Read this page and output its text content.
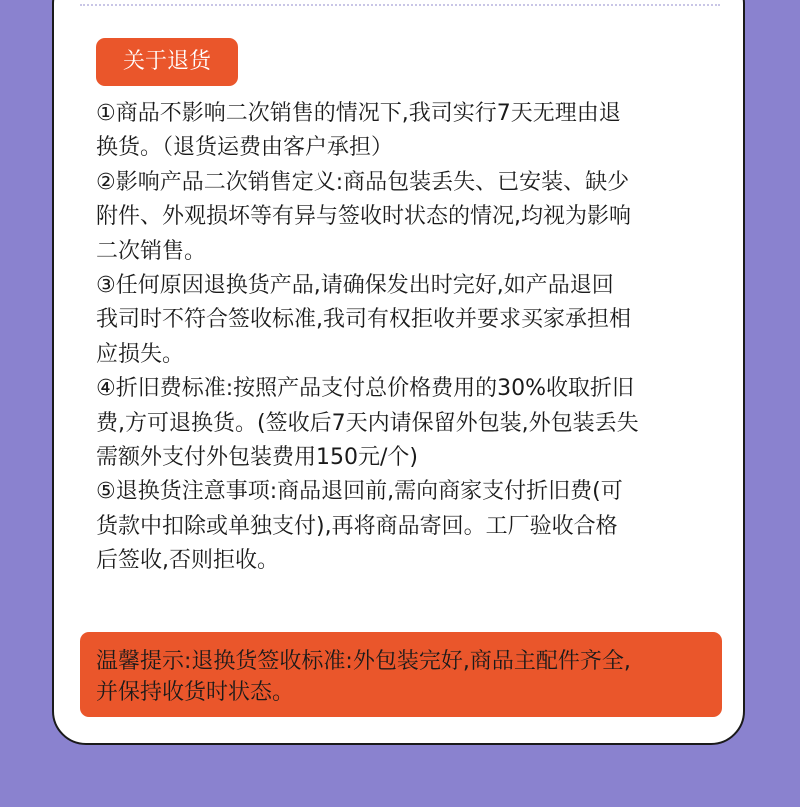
关于退货

①商品不影响二次销售的情况下,我司实行7天无理由退
换货。（退货运费由客户承担）

②影响产品二次销售定义:商品包装丢失、已安装、缺少
附件、外观损坏等有异与签收时状态的情况,均视为影响
二次销售。

③任何原因退换货产品,请确保发出时完好,如产品退回
我司时不符合签收标准,我司有权拒收并要求买家承担相
应损失。

④折旧费标准:按照产品支付总价格费用的30%收取折旧
费,方可退换货。(签收后7天内请保留外包装,外包装丢失
需额外支付外包装费用150元/个)

⑤退换货注意事项:商品退回前,需向商家支付折旧费(可
货款中扣除或单独支付),再将商品寄回。工厂验收合格
后签收,否则拒收。

温馨提示:退换货签收标准:外包装完好,商品主配件齐全,
并保持收货时状态。
